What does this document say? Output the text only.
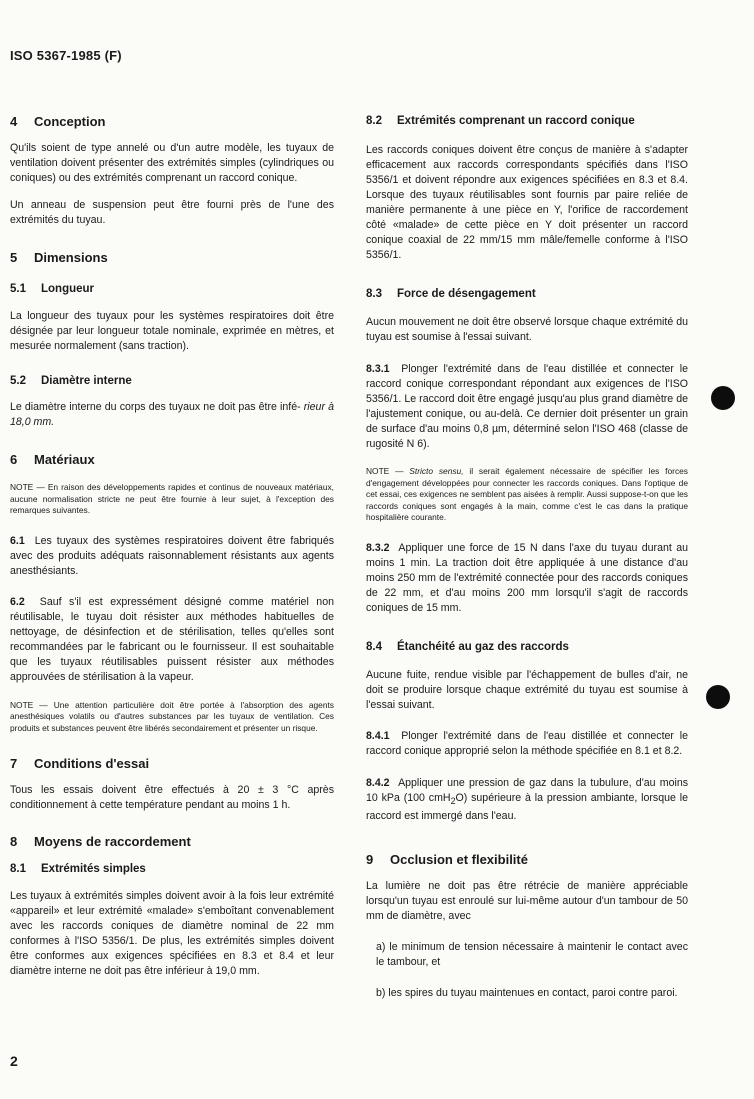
ISO 5367-1985 (F)
4 Conception

Qu'ils soient de type annelé ou d'un autre modèle, les tuyaux de ventilation doivent présenter des extrémités simples (cylindriques ou coniques) ou des extrémités comprenant un raccord conique.

Un anneau de suspension peut être fourni près de l'une des extrémités du tuyau.

5 Dimensions
5.1 Longueur

La longueur des tuyaux pour les systèmes respiratoires doit être désignée par leur longueur totale nominale, exprimée en mètres, et mesurée normalement (sans traction).

5.2 Diamètre interne

Le diamètre interne du corps des tuyaux ne doit pas être infé- rieur à 18,0 mm.

6 Matériaux

NOTE — En raison des développements rapides et continus de nouveaux matériaux, aucune normalisation stricte ne peut être fournie à leur sujet, à l'exception des remarques suivantes.

6.1 Les tuyaux des systèmes respiratoires doivent être fabriqués avec des produits adéquats raisonnablement résistants aux agents anesthésiants.

6.2 Sauf s'il est expressément désigné comme matériel non réutilisable, le tuyau doit résister aux méthodes habituelles de nettoyage, de désinfection et de stérilisation, telles qu'elles sont recommandées par le fabricant ou le fournisseur. Il est souhaitable que les tuyaux réutilisables puissent résister aux méthodes approuvées de stérilisation à la vapeur.

NOTE — Une attention particulière doit être portée à l'absorption des agents anesthésiques volatils ou d'autres substances par les tuyaux de ventilation. Ces produits et substances peuvent être libérés secondairement et présenter un risque.

7 Conditions d'essai

Tous les essais doivent être effectués à 20 ± 3 °C après conditionnement à cette température pendant au moins 1 h.

8 Moyens de raccordement
8.1 Extrémités simples

Les tuyaux à extrémités simples doivent avoir à la fois leur extrémité «appareil» et leur extrémité «malade» s'emboîtant convenablement avec les raccords coniques de diamètre nominal de 22 mm conformes à l'ISO 5356/1. De plus, les extrémités simples doivent être conformes aux exigences spécifiées en 8.3 et 8.4 et leur diamètre interne ne doit pas être inférieur à 19,0 mm.

8.2 Extrémités comprenant un raccord conique

Les raccords coniques doivent être conçus de manière à s'adapter efficacement aux raccords correspondants spécifiés dans l'ISO 5356/1 et doivent répondre aux exigences spécifiées en 8.3 et 8.4. Lorsque des tuyaux réutilisables sont fournis par paire reliée de manière permanente à une pièce en Y, l'orifice de raccordement côté «malade» de cette pièce en Y doit présenter un raccord conique coaxial de 22 mm/15 mm mâle/femelle conforme à l'ISO 5356/1.

8.3 Force de désengagement

Aucun mouvement ne doit être observé lorsque chaque extrémité du tuyau est soumise à l'essai suivant.

8.3.1 Plonger l'extrémité dans de l'eau distillée et connecter le raccord conique correspondant répondant aux exigences de l'ISO 5356/1. Le raccord doit être engagé jusqu'au plus grand diamètre de l'ajustement conique, ou au-delà. Ce dernier doit présenter un grain de surface d'au moins 0,8 µm, déterminé selon l'ISO 468 (classe de rugosité N 6).

NOTE — Stricto sensu, il serait également nécessaire de spécifier les forces d'engagement développées pour connecter les raccords coniques. Dans l'optique de cet essai, ces exigences ne semblent pas aisées à remplir. Aussi suppose-t-on que les raccords coniques sont engagés à la main, comme c'est le cas dans la pratique hospitalière courante.

8.3.2 Appliquer une force de 15 N dans l'axe du tuyau durant au moins 1 min. La traction doit être appliquée à une distance d'au moins 250 mm de l'extrémité connectée pour des raccords coniques de 22 mm, et d'au moins 200 mm lorsqu'il s'agit de raccords coniques de 15 mm.

8.4 Étanchéité au gaz des raccords

Aucune fuite, rendue visible par l'échappement de bulles d'air, ne doit se produire lorsque chaque extrémité du tuyau est soumise à l'essai suivant.

8.4.1 Plonger l'extrémité dans de l'eau distillée et connecter le raccord conique approprié selon la méthode spécifiée en 8.1 et 8.2.

8.4.2 Appliquer une pression de gaz dans la tubulure, d'au moins 10 kPa (100 cmH$_2$O) supérieure à la pression ambiante, lorsque le raccord est immergé dans l'eau.

9 Occlusion et flexibilité

La lumière ne doit pas être rétrécie de manière appréciable lorsqu'un tuyau est enroulé sur lui-même autour d'un tambour de 50 mm de diamètre, avec

a) le minimum de tension nécessaire à maintenir le contact avec le tambour, et

b) les spires du tuyau maintenues en contact, paroi contre paroi.

2
